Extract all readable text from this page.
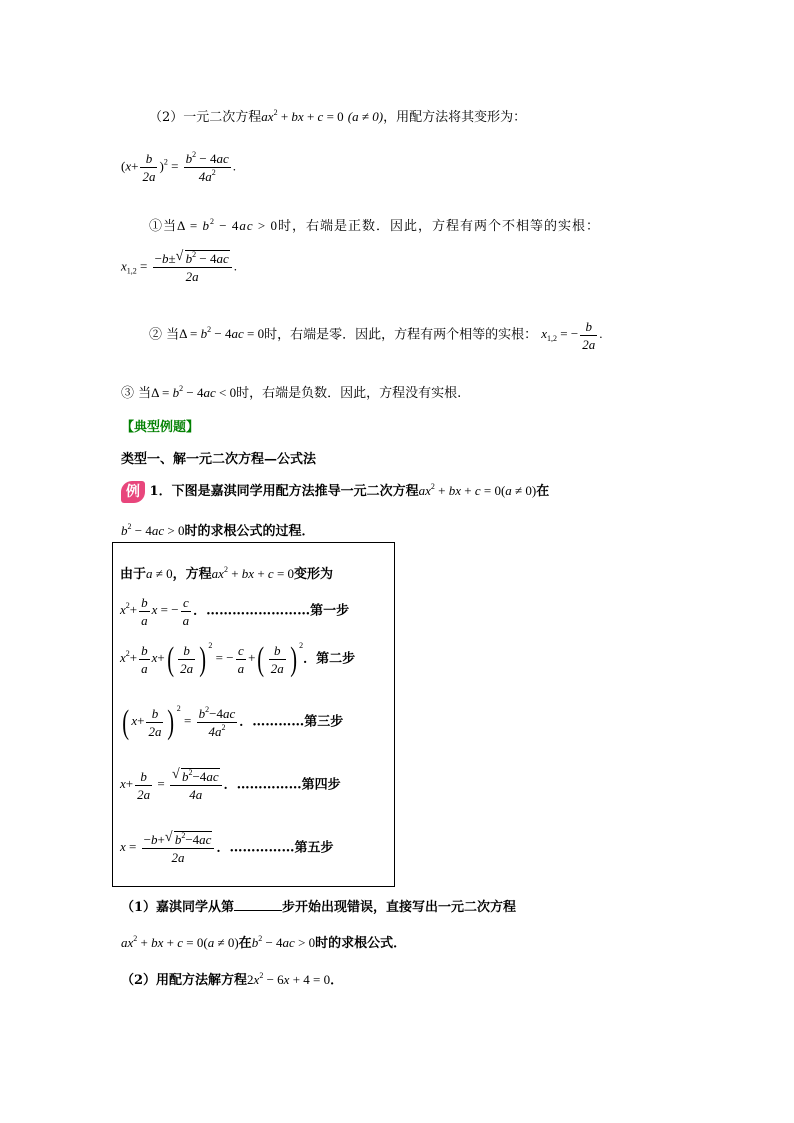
（2）一元二次方程$ax^2$ + bx + c = 0 (a ≠ 0)，用配方法将其变形为：
$(x+ \frac{b}{2a} )^2 = \frac{b^2 - 4ac}{4a^2}$ .
①当$\Delta = b^2 - 4ac > 0$时，右端是正数．因此，方程有两个不相等的实根：
$x_{1,2} = \frac{-b\pm √ b^2 - 4ac}{2a}$ .
② 当$\Delta = b^2 - 4ac = 0$时，右端是零．因此，方程有两个相等的实根： $x_{1,2}$ = − $\frac{b}{2a}$ .
③ 当$\Delta = b^2 - 4ac < 0$时，右端是负数．因此，方程没有实根.
【典型例题】
类型一、解一元二次方程—公式法
例 1．下图是嘉淇同学用配方法推导一元二次方程$ax^2$ + bx + c = 0(a ≠ 0)在
$b^2 - 4ac > 0$时的求根公式的过程．
由于a ≠ 0，方程$ax^2$ + bx + c = 0变形为
$x^2+ \frac{b}{a}$ x = − $\frac{c}{a}$ ．……………………第一步
$x^2+ \frac{b}{a} x+( \frac{b}{2a}$ ) $^2$ = − $\frac{c}{a}$ +( $\frac{b}{2a}$ ) $^2$．第二步
( $x+ \frac{b}{2a}$ ) $^2 = \frac{b^2-4ac}{4a^2}$ ．…………第三步
$x+ \frac{b}{2a}$ = √ $\frac{b^2-4ac}{4a}$ ．……………第四步
$x = \frac{-b+ √ b^2-4ac}{2a}$ ．……………第五步
（1）嘉淇同学从第	步开始出现错误，直接写出一元二次方程
$ax^2$ + bx + c = 0(a ≠ 0)在$b^2 - 4ac > 0$时的求根公式．
（2）用配方法解方程$2x^2 - 6x + 4 = 0$．
